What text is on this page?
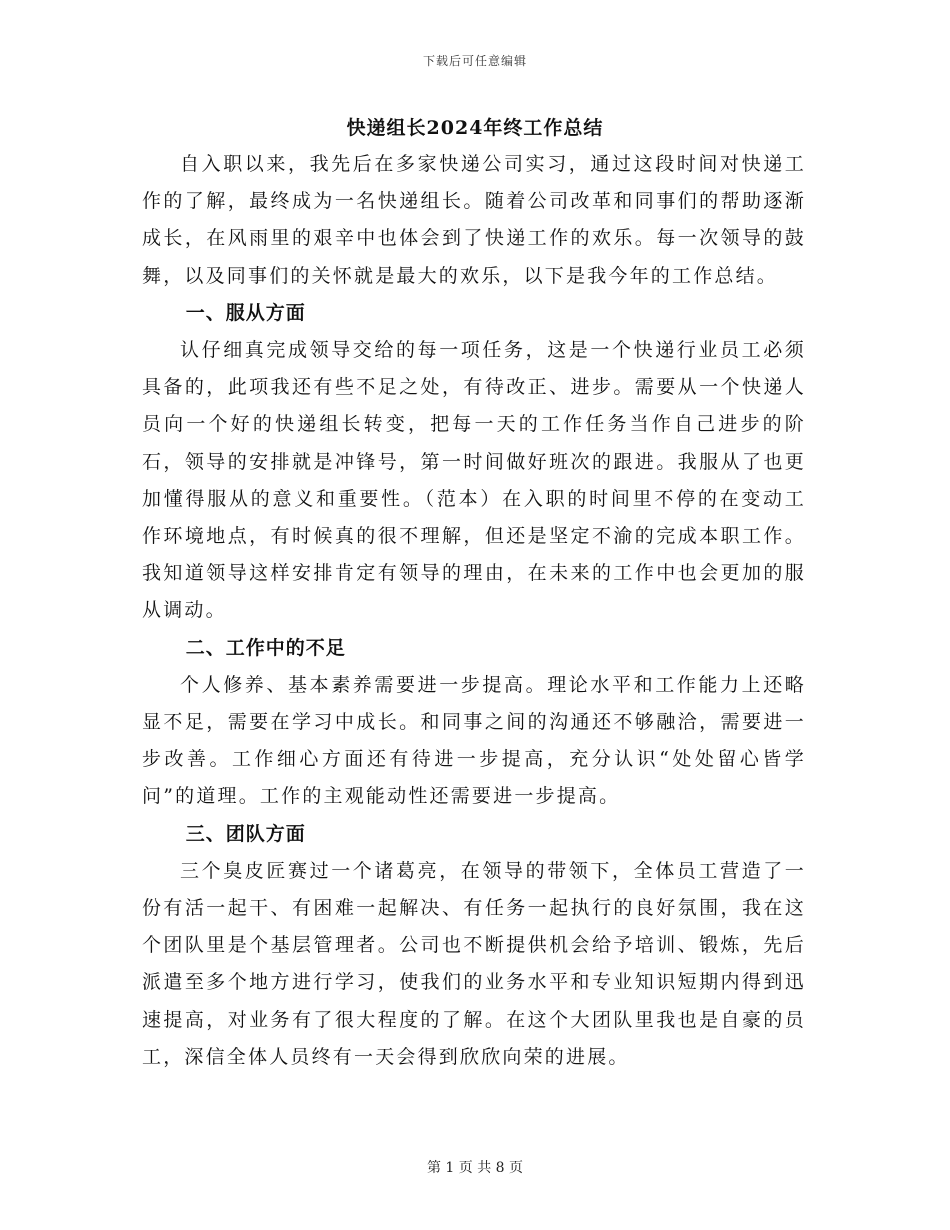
下载后可任意编辑
快递组长2024年终工作总结

自入职以来，我先后在多家快递公司实习，通过这段时间对快递工作的了解，最终成为一名快递组长。随着公司改革和同事们的帮助逐渐成长，在风雨里的艰辛中也体会到了快递工作的欢乐。每一次领导的鼓舞，以及同事们的关怀就是最大的欢乐，以下是我今年的工作总结。

一、服从方面

认仔细真完成领导交给的每一项任务，这是一个快递行业员工必须具备的，此项我还有些不足之处，有待改正、进步。需要从一个快递人员向一个好的快递组长转变，把每一天的工作任务当作自己进步的阶石，领导的安排就是冲锋号，第一时间做好班次的跟进。我服从了也更加懂得服从的意义和重要性。（范本）在入职的时间里不停的在变动工作环境地点，有时候真的很不理解，但还是坚定不渝的完成本职工作。我知道领导这样安排肯定有领导的理由，在未来的工作中也会更加的服从调动。

二、工作中的不足

个人修养、基本素养需要进一步提高。理论水平和工作能力上还略显不足，需要在学习中成长。和同事之间的沟通还不够融洽，需要进一步改善。工作细心方面还有待进一步提高，充分认识“处处留心皆学问”的道理。工作的主观能动性还需要进一步提高。

三、团队方面

三个臭皮匠赛过一个诸葛亮，在领导的带领下，全体员工营造了一份有活一起干、有困难一起解决、有任务一起执行的良好氛围，我在这个团队里是个基层管理者。公司也不断提供机会给予培训、锻炼，先后派遣至多个地方进行学习，使我们的业务水平和专业知识短期内得到迅速提高，对业务有了很大程度的了解。在这个大团队里我也是自豪的员工，深信全体人员终有一天会得到欣欣向荣的进展。

第 1 页 共 8 页
